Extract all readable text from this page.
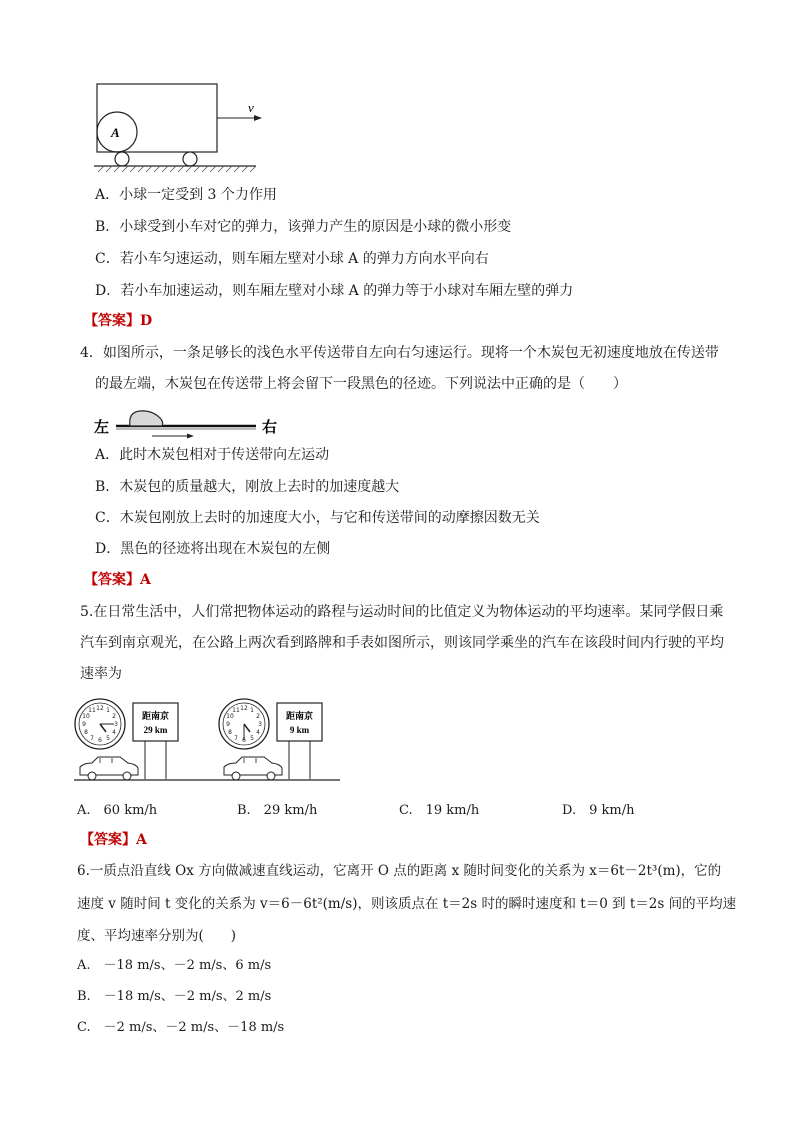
A
v
A．小球一定受到 3 个力作用
B．小球受到小车对它的弹力，该弹力产生的原因是小球的微小形变
C．若小车匀速运动，则车厢左壁对小球 A 的弹力方向水平向右
D．若小车加速运动，则车厢左壁对小球 A 的弹力等于小球对车厢左壁的弹力
【答案】D
4．如图所示，一条足够长的浅色水平传送带自左向右匀速运行。现将一个木炭包无初速度地放在传送带
的最左端，木炭包在传送带上将会留下一段黑色的径迹。下列说法中正确的是（　　）
左	右
A．此时木炭包相对于传送带向左运动
B．木炭包的质量越大，刚放上去时的加速度越大
C．木炭包刚放上去时的加速度大小，与它和传送带间的动摩擦因数无关
D．黑色的径迹将出现在木炭包的左侧
【答案】A
5.在日常生活中，人们常把物体运动的路程与运动时间的比值定义为物体运动的平均速率。某同学假日乘
汽车到南京观光，在公路上两次看到路牌和手表如图所示，则该同学乘坐的汽车在该段时间内行驶的平均
速率为
12 1
2
3
4
5
6
7
8
9
10
11
距南京
29 km
12 1
2
3
4
5
6
7
8
9
10
11
距南京
9 km
A.　60 km/h	B.　29 km/h	C.　19 km/h	D.　9 km/h
【答案】A
6.一质点沿直线 Ox 方向做减速直线运动，它离开 O 点的距离 x 随时间变化的关系为 x＝6t－2t³(m)，它的
速度 v 随时间 t 变化的关系为 v＝6－6t²(m/s)，则该质点在 t＝2s 时的瞬时速度和 t＝0 到 t＝2s 间的平均速
度、平均速率分别为(　　)
A.　－18 m/s、－2 m/s、6 m/s
B.　－18 m/s、－2 m/s、2 m/s
C.　－2 m/s、－2 m/s、－18 m/s
